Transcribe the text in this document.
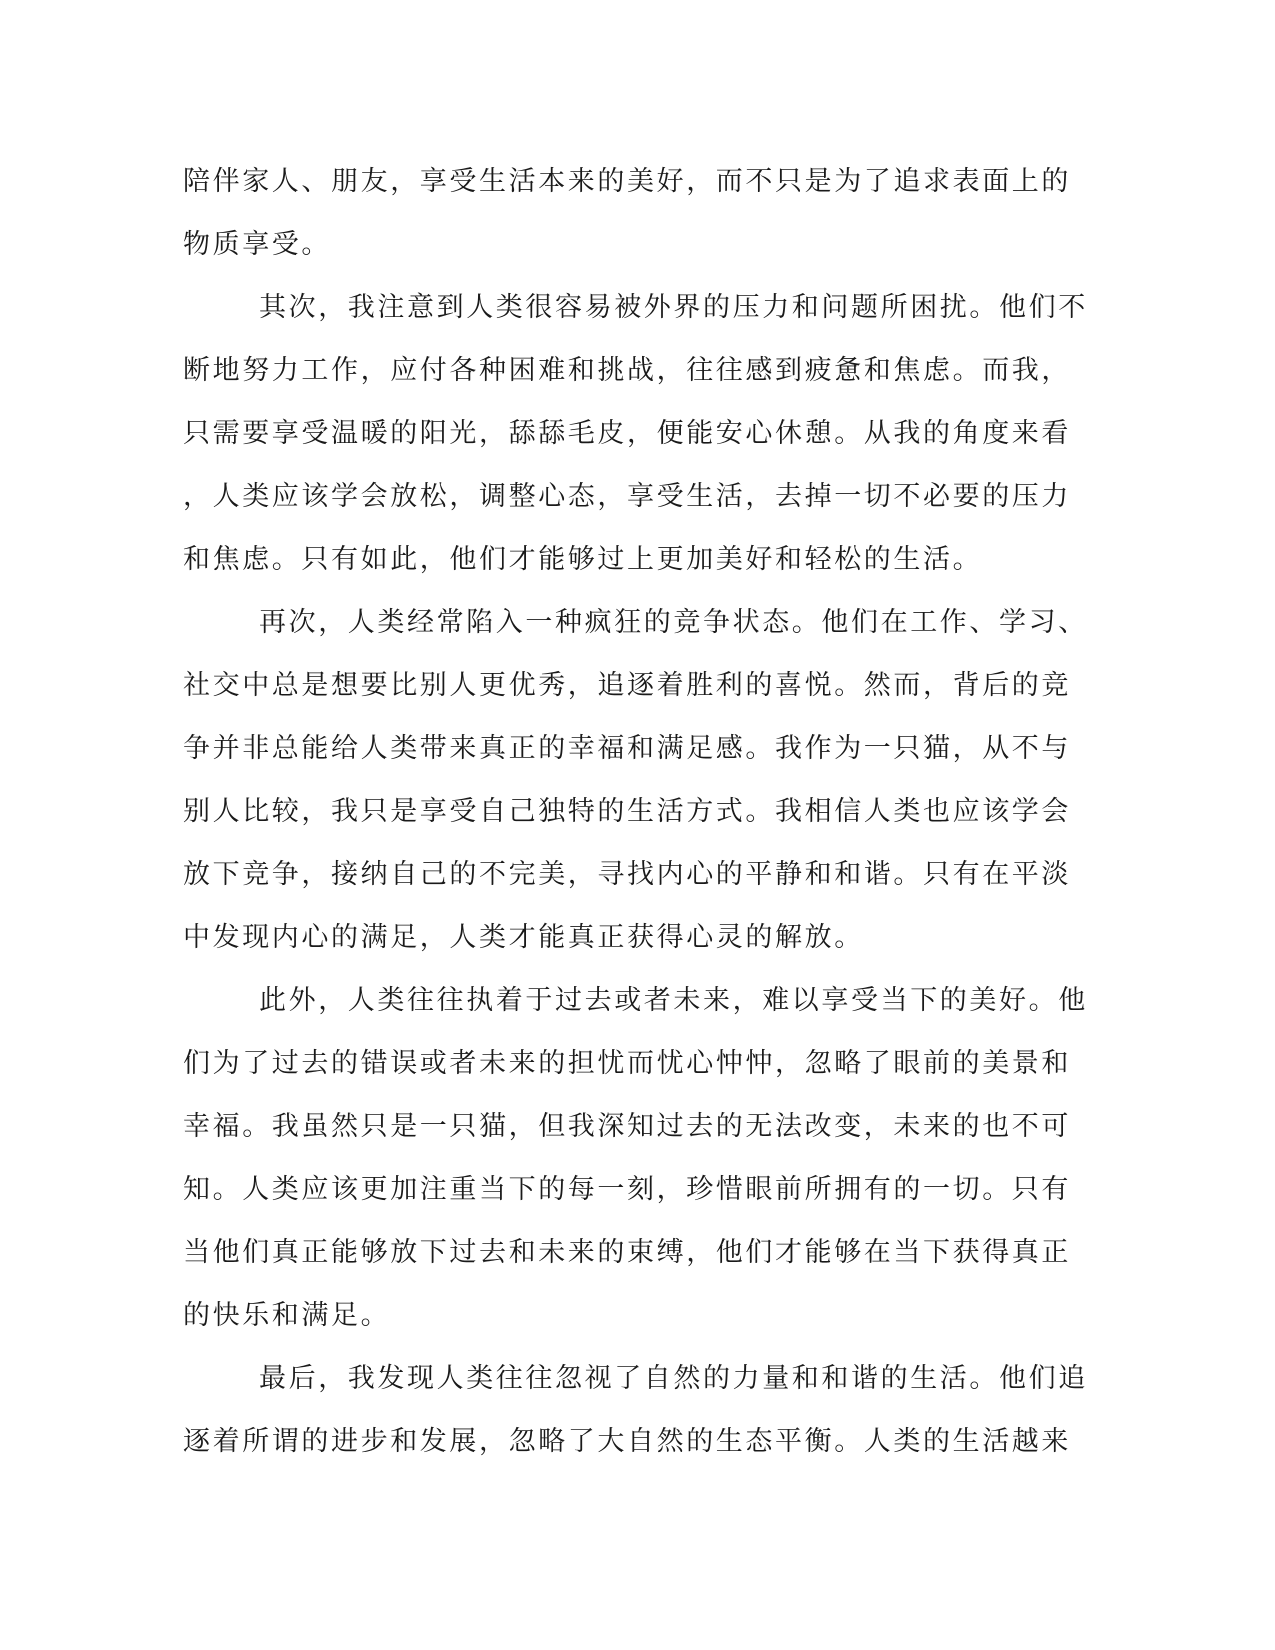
陪伴家人、朋友，享受生活本来的美好，而不只是为了追求表面上的
物质享受。
其次，我注意到人类很容易被外界的压力和问题所困扰。他们不
断地努力工作，应付各种困难和挑战，往往感到疲惫和焦虑。而我，
只需要享受温暖的阳光，舔舔毛皮，便能安心休憩。从我的角度来看
，人类应该学会放松，调整心态，享受生活，去掉一切不必要的压力
和焦虑。只有如此，他们才能够过上更加美好和轻松的生活。
再次，人类经常陷入一种疯狂的竞争状态。他们在工作、学习、
社交中总是想要比别人更优秀，追逐着胜利的喜悦。然而，背后的竞
争并非总能给人类带来真正的幸福和满足感。我作为一只猫，从不与
别人比较，我只是享受自己独特的生活方式。我相信人类也应该学会
放下竞争，接纳自己的不完美，寻找内心的平静和和谐。只有在平淡
中发现内心的满足，人类才能真正获得心灵的解放。
此外，人类往往执着于过去或者未来，难以享受当下的美好。他
们为了过去的错误或者未来的担忧而忧心忡忡，忽略了眼前的美景和
幸福。我虽然只是一只猫，但我深知过去的无法改变，未来的也不可
知。人类应该更加注重当下的每一刻，珍惜眼前所拥有的一切。只有
当他们真正能够放下过去和未来的束缚，他们才能够在当下获得真正
的快乐和满足。
最后，我发现人类往往忽视了自然的力量和和谐的生活。他们追
逐着所谓的进步和发展，忽略了大自然的生态平衡。人类的生活越来
